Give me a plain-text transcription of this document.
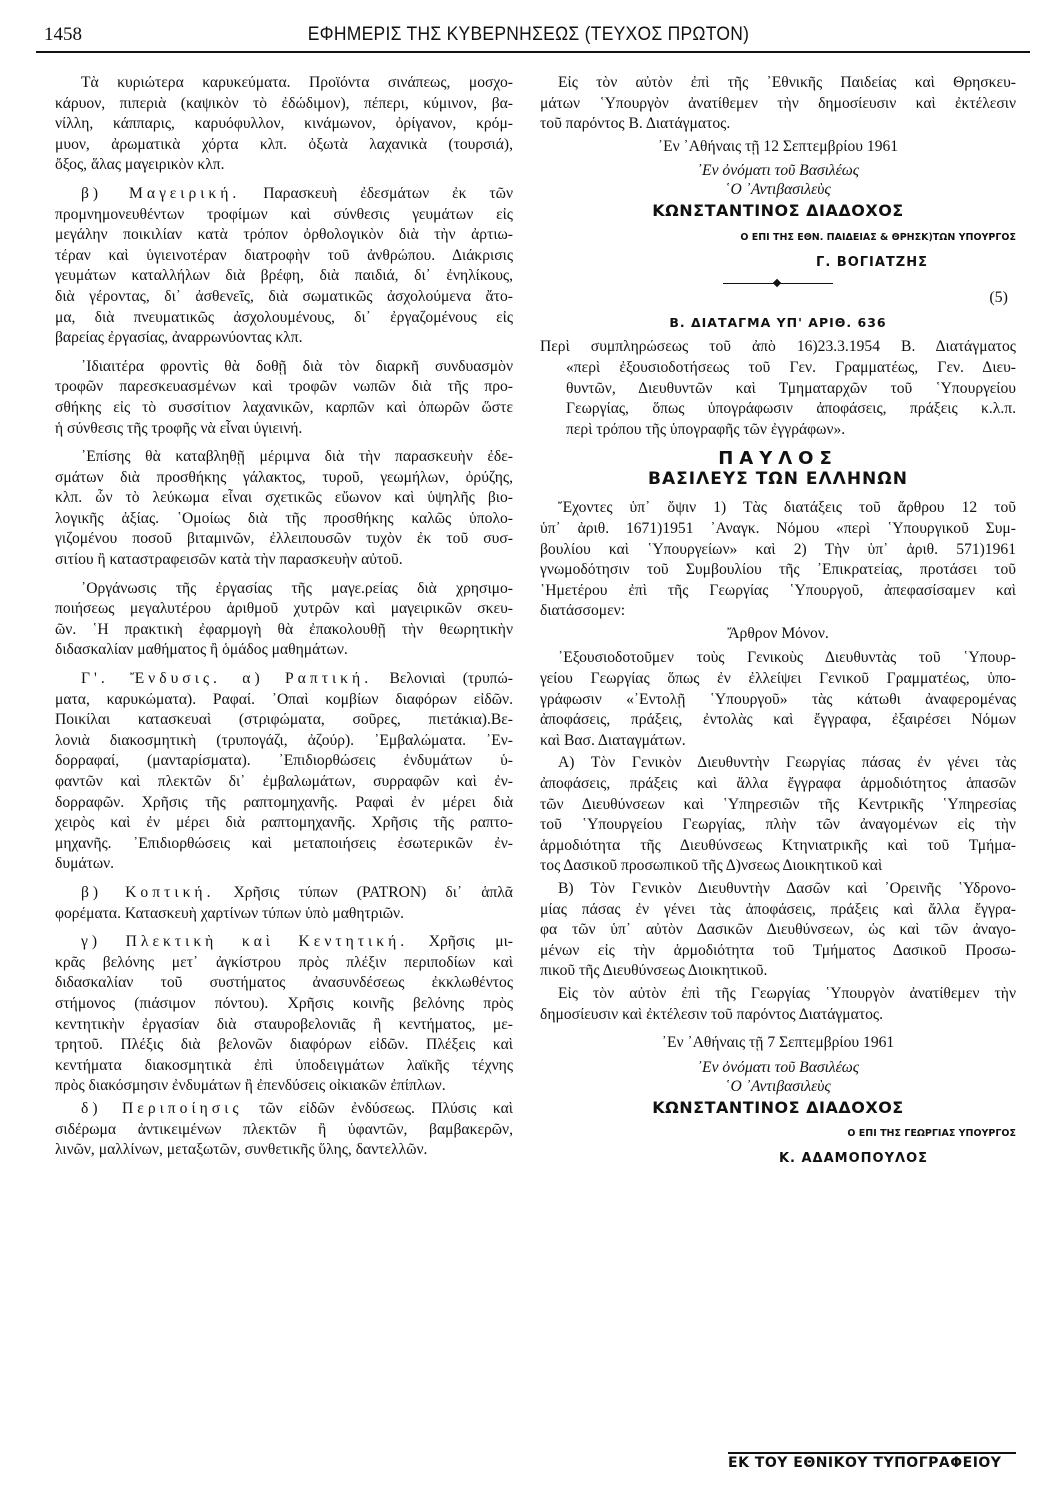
1458	ΕΦΗΜΕΡΙΣ ΤΗΣ ΚΥΒΕΡΝΗΣΕΩΣ (ΤΕΥΧΟΣ ΠΡΩΤΟΝ)
Τὰ κυριώτερα καρυκεύματα. Προϊόντα σινάπεως, μοσχο-
κάρυον, πιπεριὰ (καψικὸν τὸ ἐδώδιμον), πέπερι, κύμινον, βα-
νίλλη, κάππαρις, καρυόφυλλον, κινάμωνον, ὀρίγανον, κρόμ-
μυον, ἀρωματικὰ χόρτα κλπ. ὀξωτὰ λαχανικὰ (τουρσιά),
ὄξος, ἅλας μαγειρικὸν κλπ.
β) Μαγειρική. Παρασκευὴ ἐδεσμάτων ἐκ τῶν
προμνημονευθέντων τροφίμων καὶ σύνθεσις γευμάτων εἰς
μεγάλην ποικιλίαν κατὰ τρόπον ὀρθολογικὸν διὰ τὴν ἀρτιω-
τέραν καὶ ὑγιεινοτέραν διατροφὴν τοῦ ἀνθρώπου. Διάκρισις
γευμάτων καταλλήλων διὰ βρέφη, διὰ παιδιά, δι᾿ ἐνηλίκους,
διὰ γέροντας, δι᾿ ἀσθενεῖς, διὰ σωματικῶς ἀσχολούμενα ἄτο-
μα, διὰ πνευματικῶς ἀσχολουμένους, δι᾿ ἐργαζομένους εἰς
βαρείας ἐργασίας, ἀναρρωνύοντας κλπ.
᾿Ιδιαιτέρα φροντὶς θὰ δοθῇ διὰ τὸν διαρκῆ συνδυασμὸν
τροφῶν παρεσκευασμένων καὶ τροφῶν νωπῶν διὰ τῆς προ-
σθήκης εἰς τὸ συσσίτιον λαχανικῶν, καρπῶν καὶ ὀπωρῶν ὥστε
ἡ σύνθεσις τῆς τροφῆς νὰ εἶναι ὑγιεινή.
᾿Επίσης θὰ καταβληθῇ μέριμνα διὰ τὴν παρασκευὴν ἐδε-
σμάτων διὰ προσθήκης γάλακτος, τυροῦ, γεωμήλων, ὀρύζης,
κλπ. ὧν τὸ λεύκωμα εἶναι σχετικῶς εὔωνον καὶ ὑψηλῆς βιο-
λογικῆς ἀξίας. ῾Ομοίως διὰ τῆς προσθήκης καλῶς ὑπολο-
γιζομένου ποσοῦ βιταμινῶν, ἐλλειπουσῶν τυχὸν ἐκ τοῦ συσ-
σιτίου ἢ καταστραφεισῶν κατὰ τὴν παρασκευὴν αὐτοῦ.
᾿Οργάνωσις τῆς ἐργασίας τῆς μαγε.ρείας διὰ χρησιμο-
ποιήσεως μεγαλυτέρου ἀριθμοῦ χυτρῶν καὶ μαγειρικῶν σκευ-
ῶν. ῾Η πρακτικὴ ἐφαρμογὴ θὰ ἐπακολουθῇ τὴν θεωρητικὴν
διδασκαλίαν μαθήματος ἢ ὁμάδος μαθημάτων.
Γ'. Ἔνδυσις. α) Ραπτική. Βελονιαὶ (τρυπώ-
ματα, καρυκώματα). Ραφαί. ᾿Οπαὶ κομβίων διαφόρων εἰδῶν.
Ποικίλαι κατασκευαὶ (στριφώματα, σοῦρες, πιετάκια).Βε-
λονιὰ διακοσμητικὴ (τρυπογάζι, ἀζούρ). ᾿Εμβαλώματα. ᾿Εν-
δορραφαί, (μανταρίσματα). ᾿Επιδιορθώσεις ἐνδυμάτων ὑ-
φαντῶν καὶ πλεκτῶν δι᾿ ἐμβαλωμάτων, συρραφῶν καὶ ἐν-
δορραφῶν. Χρῆσις τῆς ραπτομηχανῆς. Ραφαὶ ἐν μέρει διὰ
χειρὸς καὶ ἐν μέρει διὰ ραπτομηχανῆς. Χρῆσις τῆς ραπτο-
μηχανῆς. ᾿Επιδιορθώσεις καὶ μεταποιήσεις ἐσωτερικῶν ἐν-
δυμάτων.
β) Κοπτική. Χρῆσις τύπων (PATRON) δι᾿ ἁπλᾶ
φορέματα. Κατασκευὴ χαρτίνων τύπων ὑπὸ μαθητριῶν.
γ) Πλεκτικὴ καὶ Κεντητική. Χρῆσις μι-
κρᾶς βελόνης μετ᾿ ἀγκίστρου πρὸς πλέξιν περιποδίων καὶ
διδασκαλίαν τοῦ συστήματος ἀνασυνδέσεως ἐκκλωθέντος
στήμονος (πιάσιμον πόντου). Χρῆσις κοινῆς βελόνης πρὸς
κεντητικὴν ἐργασίαν διὰ σταυροβελονιᾶς ἢ κεντήματος, με-
τρητοῦ. Πλέξις διὰ βελονῶν διαφόρων εἰδῶν. Πλέξεις καὶ
κεντήματα διακοσμητικὰ ἐπὶ ὑποδειγμάτων λαϊκῆς τέχνης
πρὸς διακόσμησιν ἐνδυμάτων ἢ ἐπενδύσεις οἰκιακῶν ἐπίπλων.
δ) Περιποίησις τῶν εἰδῶν ἐνδύσεως. Πλύσις καὶ
σιδέρωμα ἀντικειμένων πλεκτῶν ἢ ὑφαντῶν, βαμβακερῶν,
λινῶν, μαλλίνων, μεταξωτῶν, συνθετικῆς ὕλης, δαντελλῶν.
Εἰς τὸν αὐτὸν ἐπὶ τῆς ᾿Εθνικῆς Παιδείας καὶ Θρησκευ-
μάτων ῾Υπουργὸν ἀνατίθεμεν τὴν δημοσίευσιν καὶ ἐκτέλεσιν
τοῦ παρόντος Β. Διατάγματος.
᾿Εν ᾿Αθήναις τῇ 12 Σεπτεμβρίου 1961
᾿Εν ὀνόματι τοῦ Βασιλέως
῾Ο ᾿Αντιβασιλεὺς
ΚΩΝΣΤΑΝΤΙΝΟΣ ΔΙΑΔΟΧΟΣ
Ο ΕΠΙ ΤΗΣ ΕΘΝ. ΠΑΙΔΕΙΑΣ & ΘΡΗΣΚ)ΤΩΝ ΥΠΟΥΡΓΟΣ
Γ. ΒΟΓΙΑΤΖΗΣ
(5)
Β. ΔΙΑΤΑΓΜΑ ΥΠ' ΑΡΙΘ. 636
Περὶ συμπληρώσεως τοῦ ἀπὸ 16)23.3.1954 Β. Διατάγματος
«περὶ ἐξουσιοδοτήσεως τοῦ Γεν. Γραμματέως, Γεν. Διευ-
θυντῶν, Διευθυντῶν καὶ Τμηματαρχῶν τοῦ ῾Υπουργείου
Γεωργίας, ὅπως ὑπογράφωσιν ἀποφάσεις, πράξεις κ.λ.π.
περὶ τρόπου τῆς ὑπογραφῆς τῶν ἐγγράφων».
ΠΑΥΛΟΣ
ΒΑΣΙΛΕΥΣ ΤΩΝ ΕΛΛΗΝΩΝ
Ἔχοντες ὑπ᾿ ὄψιν 1) Τὰς διατάξεις τοῦ ἄρθρου 12 τοῦ
ὑπ᾿ ἀριθ. 1671)1951 ᾿Αναγκ. Νόμου «περὶ ῾Υπουργικοῦ Συμ-
βουλίου καὶ ῾Υπουργείων» καὶ 2) Τὴν ὑπ᾿ ἀριθ. 571)1961
γνωμοδότησιν τοῦ Συμβουλίου τῆς ᾿Επικρατείας, προτάσει τοῦ
῾Ημετέρου ἐπὶ τῆς Γεωργίας ῾Υπουργοῦ, ἀπεφασίσαμεν καὶ
διατάσσομεν:
Ἄρθρον Μόνον.
᾿Εξουσιοδοτοῦμεν τοὺς Γενικοὺς Διευθυντὰς τοῦ ῾Υπουρ-
γείου Γεωργίας ὅπως ἐν ἐλλείψει Γενικοῦ Γραμματέως, ὑπο-
γράφωσιν «᾿Εντολῇ ῾Υπουργοῦ» τὰς κάτωθι ἀναφερομένας
ἀποφάσεις, πράξεις, ἐντολὰς καὶ ἔγγραφα, ἐξαιρέσει Νόμων
καὶ Βασ. Διαταγμάτων.
Α) Τὸν Γενικὸν Διευθυντὴν Γεωργίας πάσας ἐν γένει τὰς
ἀποφάσεις, πράξεις καὶ ἄλλα ἔγγραφα ἁρμοδιότητος ἁπασῶν
τῶν Διευθύνσεων καὶ ῾Υπηρεσιῶν τῆς Κεντρικῆς ῾Υπηρεσίας
τοῦ ῾Υπουργείου Γεωργίας, πλὴν τῶν ἀναγομένων εἰς τὴν
ἁρμοδιότητα τῆς Διευθύνσεως Κτηνιατρικῆς καὶ τοῦ Τμήμα-
τος Δασικοῦ προσωπικοῦ τῆς Δ)νσεως Διοικητικοῦ καὶ
Β) Τὸν Γενικὸν Διευθυντὴν Δασῶν καὶ ᾿Ορεινῆς ῾Υδρονο-
μίας πάσας ἐν γένει τὰς ἀποφάσεις, πράξεις καὶ ἄλλα ἔγγρα-
φα τῶν ὑπ᾿ αὐτὸν Δασικῶν Διευθύνσεων, ὡς καὶ τῶν ἀναγο-
μένων εἰς τὴν ἁρμοδιότητα τοῦ Τμήματος Δασικοῦ Προσω-
πικοῦ τῆς Διευθύνσεως Διοικητικοῦ.
Εἰς τὸν αὐτὸν ἐπὶ τῆς Γεωργίας ῾Υπουργὸν ἀνατίθεμεν τὴν
δημοσίευσιν καὶ ἐκτέλεσιν τοῦ παρόντος Διατάγματος.
᾿Εν ᾿Αθήναις τῇ 7 Σεπτεμβρίου 1961
᾿Εν ὀνόματι τοῦ Βασιλέως
῾Ο ᾿Αντιβασιλεὺς
ΚΩΝΣΤΑΝΤΙΝΟΣ ΔΙΑΔΟΧΟΣ
Ο ΕΠΙ ΤΗΣ ΓΕΩΡΓΙΑΣ ΥΠΟΥΡΓΟΣ
Κ. ΑΔΑΜΟΠΟΥΛΟΣ
ΕΚ ΤΟΥ ΕΘΝΙΚΟΥ ΤΥΠΟΓΡΑΦΕΙΟΥ
